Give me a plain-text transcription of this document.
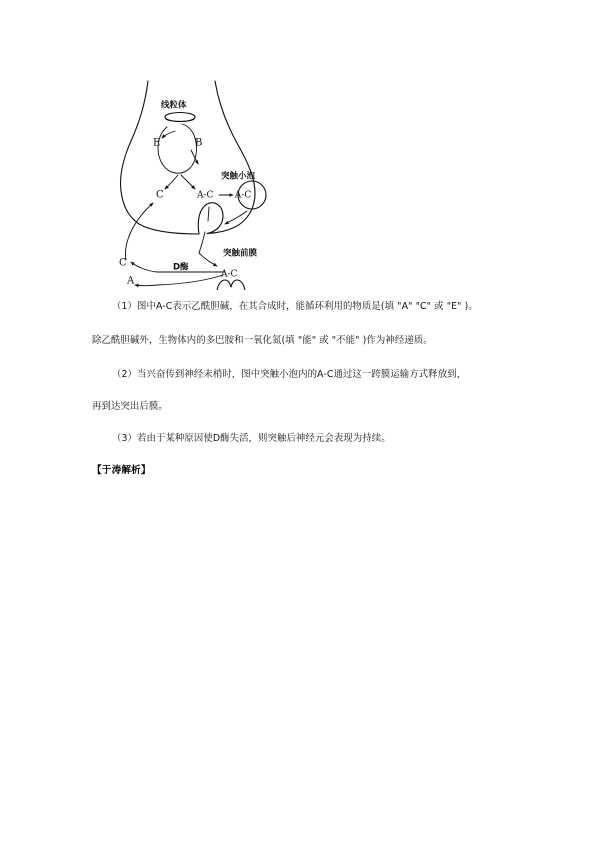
线粒体
E	B
C	A-C
突触小泡
A-C
突触前膜
C	D酶
A-C
A
（1）图中A-C表示乙酰胆碱，在其合成时，能循环利用的物质是(填 "A" "C" 或 "E" )。
除乙酰胆碱外，生物体内的多巴胺和一氧化氮(填 "能" 或 "不能" )作为神经递质。
（2）当兴奋传到神经末梢时，图中突触小泡内的A-C通过这一跨膜运输方式释放到，
再到达突出后膜。
（3）若由于某种原因使D酶失活，则突触后神经元会表现为持续。
【于涛解析】
